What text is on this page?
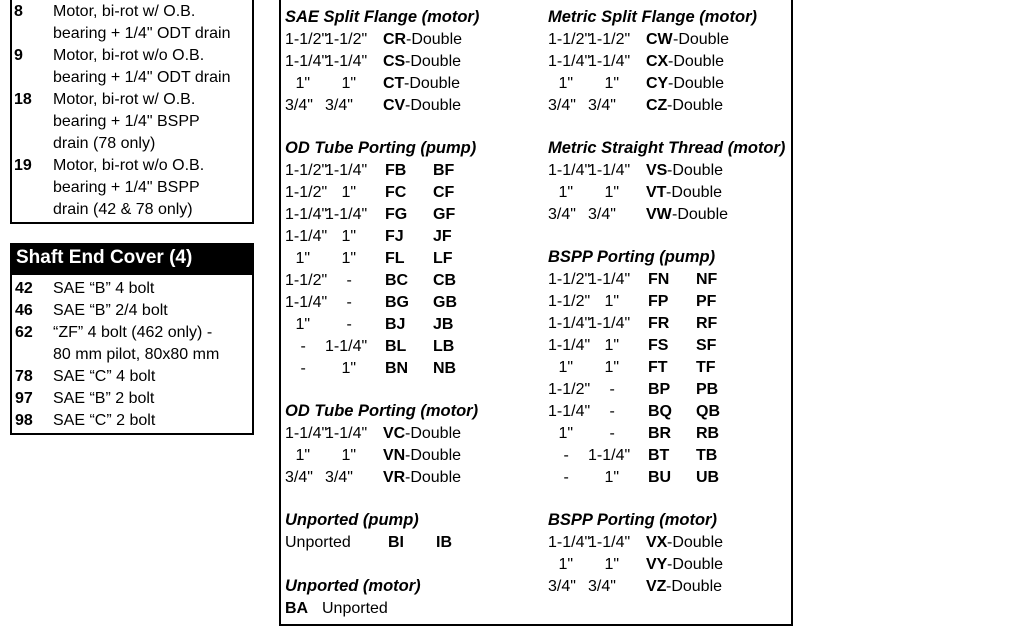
Shaft End Cover (4)
8 Motor, bi-rot w/ O.B.
bearing + 1/4" ODT drain
9 Motor, bi-rot w/o O.B.
bearing + 1/4" ODT drain
18 Motor, bi-rot w/ O.B.
bearing + 1/4" BSPP
drain (78 only)
19 Motor, bi-rot w/o O.B.
bearing + 1/4" BSPP
drain (42 & 78 only)
42 SAE “B” 4 bolt
46 SAE “B” 2/4 bolt
62 “ZF” 4 bolt (462 only) -
80 mm pilot, 80x80 mm
78 SAE “C” 4 bolt
97 SAE “B” 2 bolt
98 SAE “C” 2 bolt
SAE Split Flange (motor)
1-1/2"
1-1/2" CR -Double
1-1/4"
1-1/4" CS -Double
1" 1" CT -Double
3/4" 3/4" CV -Double
Metric Split Flange (motor)
1-1/2"
1-1/2" CW -Double
1-1/4"
1-1/4" CX -Double
1" 1" CY -Double
3/4" 3/4" CZ -Double
OD Tube Porting (pump)
1-1/2"
1-1/4" FB BF
1-1/2" 1" FC CF
1-1/4"
1-1/4" FG GF
1-1/4" 1" FJ JF
1" 1" FL LF
1-1/2" - BC CB
1-1/4" - BG GB
1" - BJ JB
- 1-1/4" BL LB
- 1" BN NB
Metric Straight Thread (motor)
1-1/4"
1-1/4" VS -Double
1" 1" VT -Double
3/4" 3/4" VW -Double
BSPP Porting (pump)
1-1/2"
1-1/4" FN NF
1-1/2" 1" FP PF
1-1/4"
1-1/4" FR RF
1-1/4" 1" FS SF
1" 1" FT TF
1-1/2" - BP PB
1-1/4" - BQ QB
1" - BR RB
- 1-1/4" BT TB
- 1" BU UB
OD Tube Porting (motor)
1-1/4"
1-1/4" VC -Double
1" 1" VN -Double
3/4" 3/4" VR -Double
Unported (pump)
Unported BI IB
BSPP Porting (motor)
1-1/4"
1-1/4" VX -Double
1" 1" VY -Double
3/4" 3/4" VZ -Double
Unported (motor)
BA Unported
